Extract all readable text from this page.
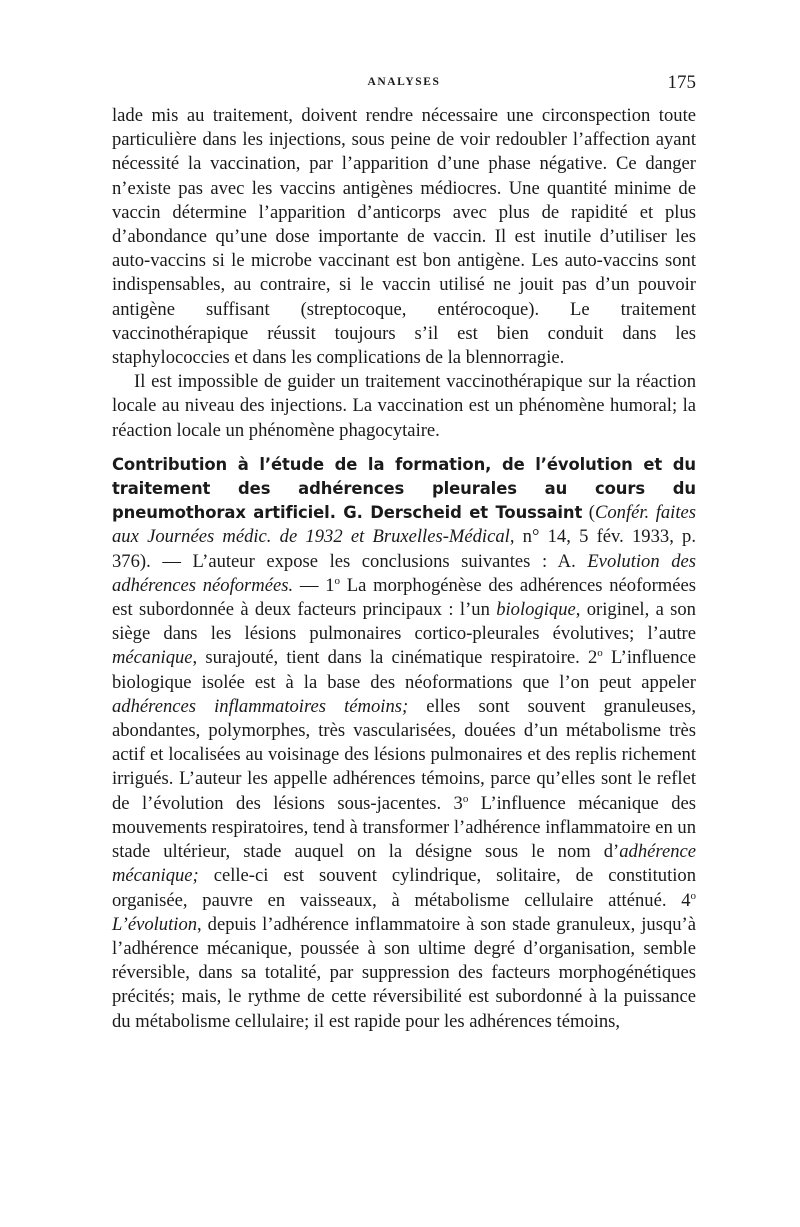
ANALYSES	175

lade mis au traitement, doivent rendre nécessaire une circonspection toute particulière dans les injections, sous peine de voir redoubler l’affection ayant nécessité la vaccination, par l’apparition d’une phase négative. Ce danger n’existe pas avec les vaccins antigènes médiocres. Une quantité minime de vaccin détermine l’apparition d’anticorps avec plus de rapidité et plus d’abondance qu’une dose importante de vaccin. Il est inutile d’utiliser les auto-vaccins si le microbe vaccinant est bon antigène. Les auto-vaccins sont indispensables, au contraire, si le vaccin utilisé ne jouit pas d’un pouvoir antigène suffisant (streptocoque, entérocoque). Le traitement vaccinothérapique réussit toujours s’il est bien conduit dans les staphylococcies et dans les complications de la blennorragie.

Il est impossible de guider un traitement vaccinothérapique sur la réaction locale au niveau des injections. La vaccination est un phénomène humoral; la réaction locale un phénomène phagocytaire.

Contribution à l’étude de la formation, de l’évolution et du traitement des adhérences pleurales au cours du pneumothorax artificiel. G. Derscheid et Toussaint (Confér. faites aux Journées médic. de 1932 et Bruxelles-Médical, n° 14, 5 fév. 1933, p. 376). — L’auteur expose les conclusions suivantes : A. Evolution des adhérences néoformées. — 1$^o$ La morphogénèse des adhérences néoformées est subordonnée à deux facteurs principaux : l’un biologique, originel, a son siège dans les lésions pulmonaires cortico-pleurales évolutives; l’autre mécanique, surajouté, tient dans la cinématique respiratoire. 2$^o$ L’influence biologique isolée est à la base des néoformations que l’on peut appeler adhérences inflammatoires témoins; elles sont souvent granuleuses, abondantes, polymorphes, très vascularisées, douées d’un métabolisme très actif et localisées au voisinage des lésions pulmonaires et des replis richement irrigués. L’auteur les appelle adhérences témoins, parce qu’elles sont le reflet de l’évolution des lésions sous-jacentes. 3$^o$ L’influence mécanique des mouvements respiratoires, tend à transformer l’adhérence inflammatoire en un stade ultérieur, stade auquel on la désigne sous le nom d’adhérence mécanique; celle-ci est souvent cylindrique, solitaire, de constitution organisée, pauvre en vaisseaux, à métabolisme cellulaire atténué. 4$^o$ L’évolution, depuis l’adhérence inflammatoire à son stade granuleux, jusqu’à l’adhérence mécanique, poussée à son ultime degré d’organisation, semble réversible, dans sa totalité, par suppression des facteurs morphogénétiques précités; mais, le rythme de cette réversibilité est subordonné à la puissance du métabolisme cellulaire; il est rapide pour les adhérences témoins,
